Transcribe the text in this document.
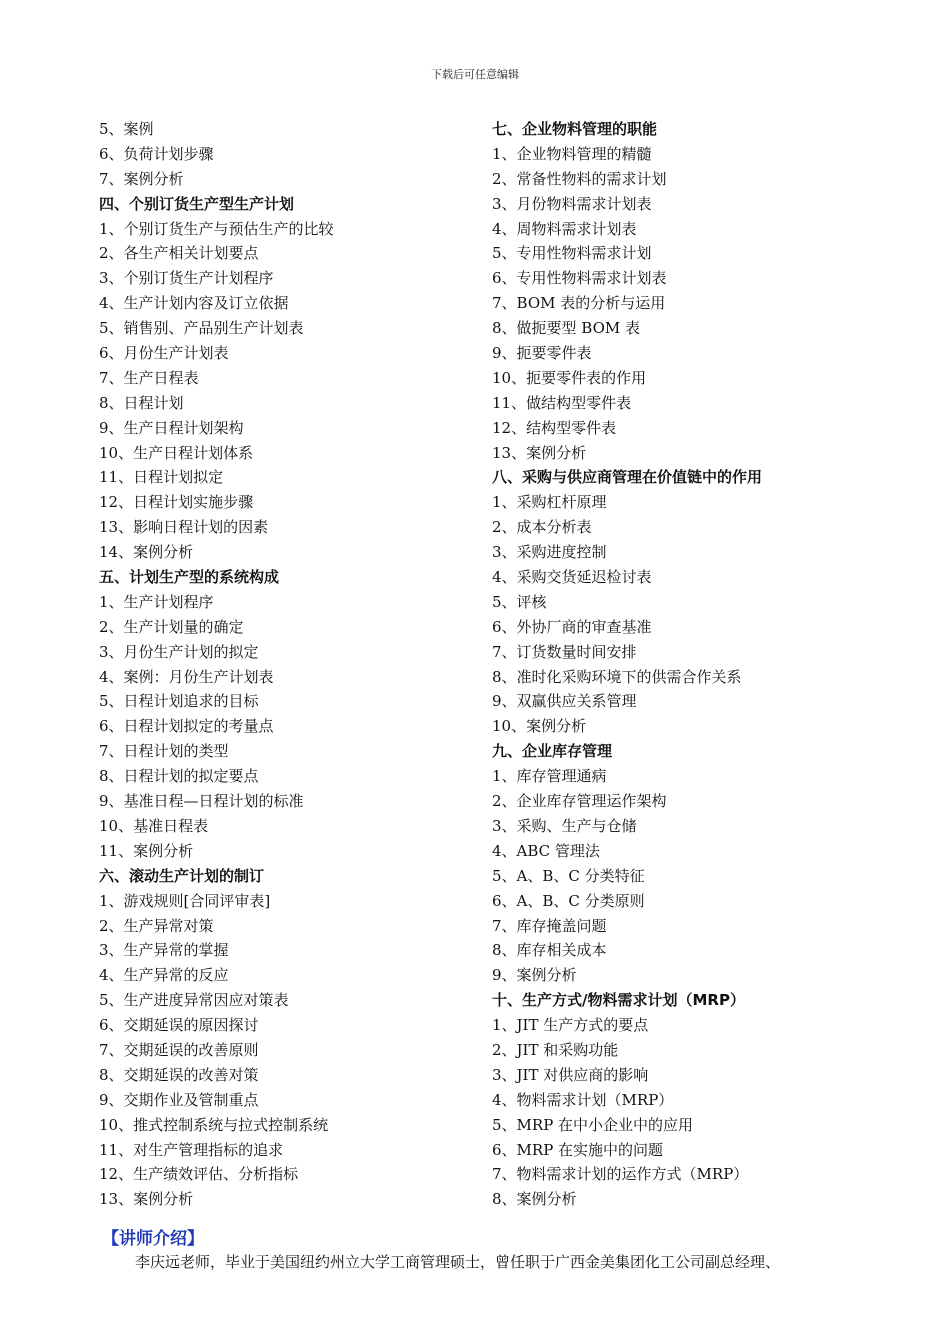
下载后可任意编辑
5、案例
6、负荷计划步骤
7、案例分析
四、个别订货生产型生产计划
1、个别订货生产与预估生产的比较
2、各生产相关计划要点
3、个别订货生产计划程序
4、生产计划内容及订立依据
5、销售别、产品别生产计划表
6、月份生产计划表
7、生产日程表
8、日程计划
9、生产日程计划架构
10、生产日程计划体系
11、日程计划拟定
12、日程计划实施步骤
13、影响日程计划的因素
14、案例分析
五、计划生产型的系统构成
1、生产计划程序
2、生产计划量的确定
3、月份生产计划的拟定
4、案例：月份生产计划表
5、日程计划追求的目标
6、日程计划拟定的考量点
7、日程计划的类型
8、日程计划的拟定要点
9、基准日程—日程计划的标准
10、基准日程表
11、案例分析
六、滚动生产计划的制订
1、游戏规则[合同评审表]
2、生产异常对策
3、生产异常的掌握
4、生产异常的反应
5、生产进度异常因应对策表
6、交期延误的原因探讨
7、交期延误的改善原则
8、交期延误的改善对策
9、交期作业及管制重点
10、推式控制系统与拉式控制系统
11、对生产管理指标的追求
12、生产绩效评估、分析指标
13、案例分析
七、企业物料管理的职能
1、企业物料管理的精髓
2、常备性物料的需求计划
3、月份物料需求计划表
4、周物料需求计划表
5、专用性物料需求计划
6、专用性物料需求计划表
7、BOM 表的分析与运用
8、做扼要型 BOM 表
9、扼要零件表
10、扼要零件表的作用
11、做结构型零件表
12、结构型零件表
13、案例分析
八、采购与供应商管理在价值链中的作用
1、采购杠杆原理
2、成本分析表
3、采购进度控制
4、采购交货延迟检讨表
5、评核
6、外协厂商的审查基准
7、订货数量时间安排
8、准时化采购环境下的供需合作关系
9、双赢供应关系管理
10、案例分析
九、企业库存管理
1、库存管理通病
2、企业库存管理运作架构
3、采购、生产与仓储
4、ABC 管理法
5、A、B、C 分类特征
6、A、B、C 分类原则
7、库存掩盖问题
8、库存相关成本
9、案例分析
十、生产方式/物料需求计划（MRP）
1、JIT 生产方式的要点
2、JIT 和采购功能
3、JIT 对供应商的影响
4、物料需求计划（MRP）
5、MRP 在中小企业中的应用
6、MRP 在实施中的问题
7、物料需求计划的运作方式（MRP）
8、案例分析
【讲师介绍】
李庆远老师，毕业于美国纽约州立大学工商管理硕士，曾任职于广西金美集团化工公司副总经理、
